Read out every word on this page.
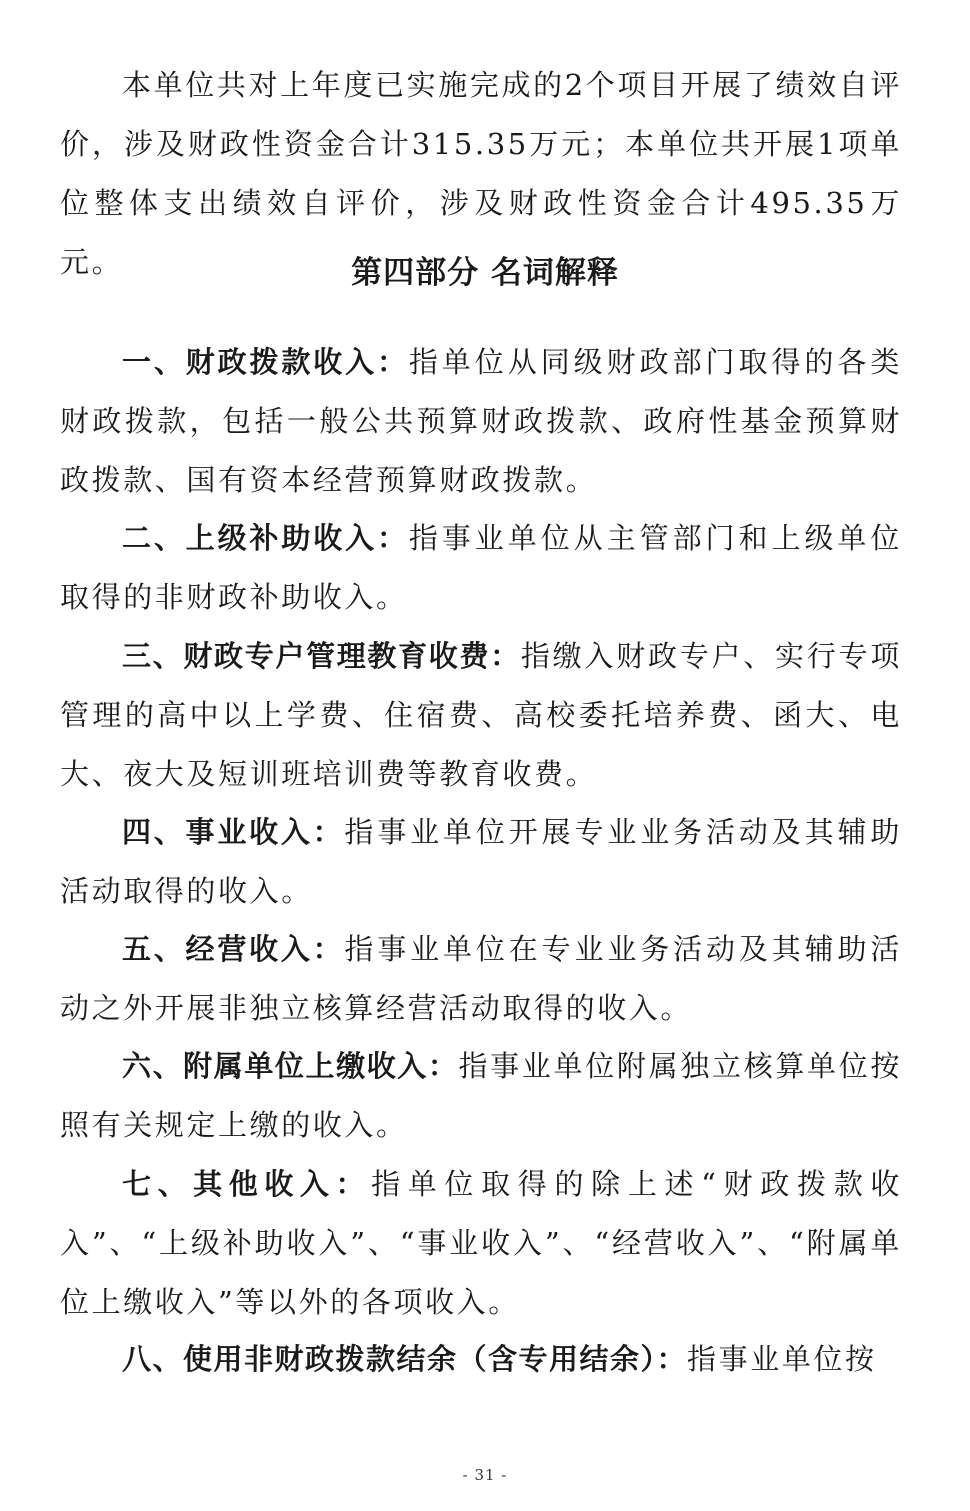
本单位共对上年度已实施完成的2个项目开展了绩效自评价，涉及财政性资金合计315.35万元；本单位共开展1项单位整体支出绩效自评价，涉及财政性资金合计495.35万元。	第四部分 名词解释

一、财政拨款收入：指单位从同级财政部门取得的各类财政拨款，包括一般公共预算财政拨款、政府性基金预算财政拨款、国有资本经营预算财政拨款。

二、上级补助收入：指事业单位从主管部门和上级单位取得的非财政补助收入。

三、财政专户管理教育收费：指缴入财政专户、实行专项管理的高中以上学费、住宿费、高校委托培养费、函大、电大、夜大及短训班培训费等教育收费。

四、事业收入：指事业单位开展专业业务活动及其辅助活动取得的收入。

五、经营收入：指事业单位在专业业务活动及其辅助活动之外开展非独立核算经营活动取得的收入。

六、附属单位上缴收入：指事业单位附属独立核算单位按照有关规定上缴的收入。

七、其他收入：指单位取得的除上述“财政拨款收入”、“上级补助收入”、“事业收入”、“经营收入”、“附属单位上缴收入”等以外的各项收入。

八、使用非财政拨款结余（含专用结余）：指事业单位按

- 31 -
